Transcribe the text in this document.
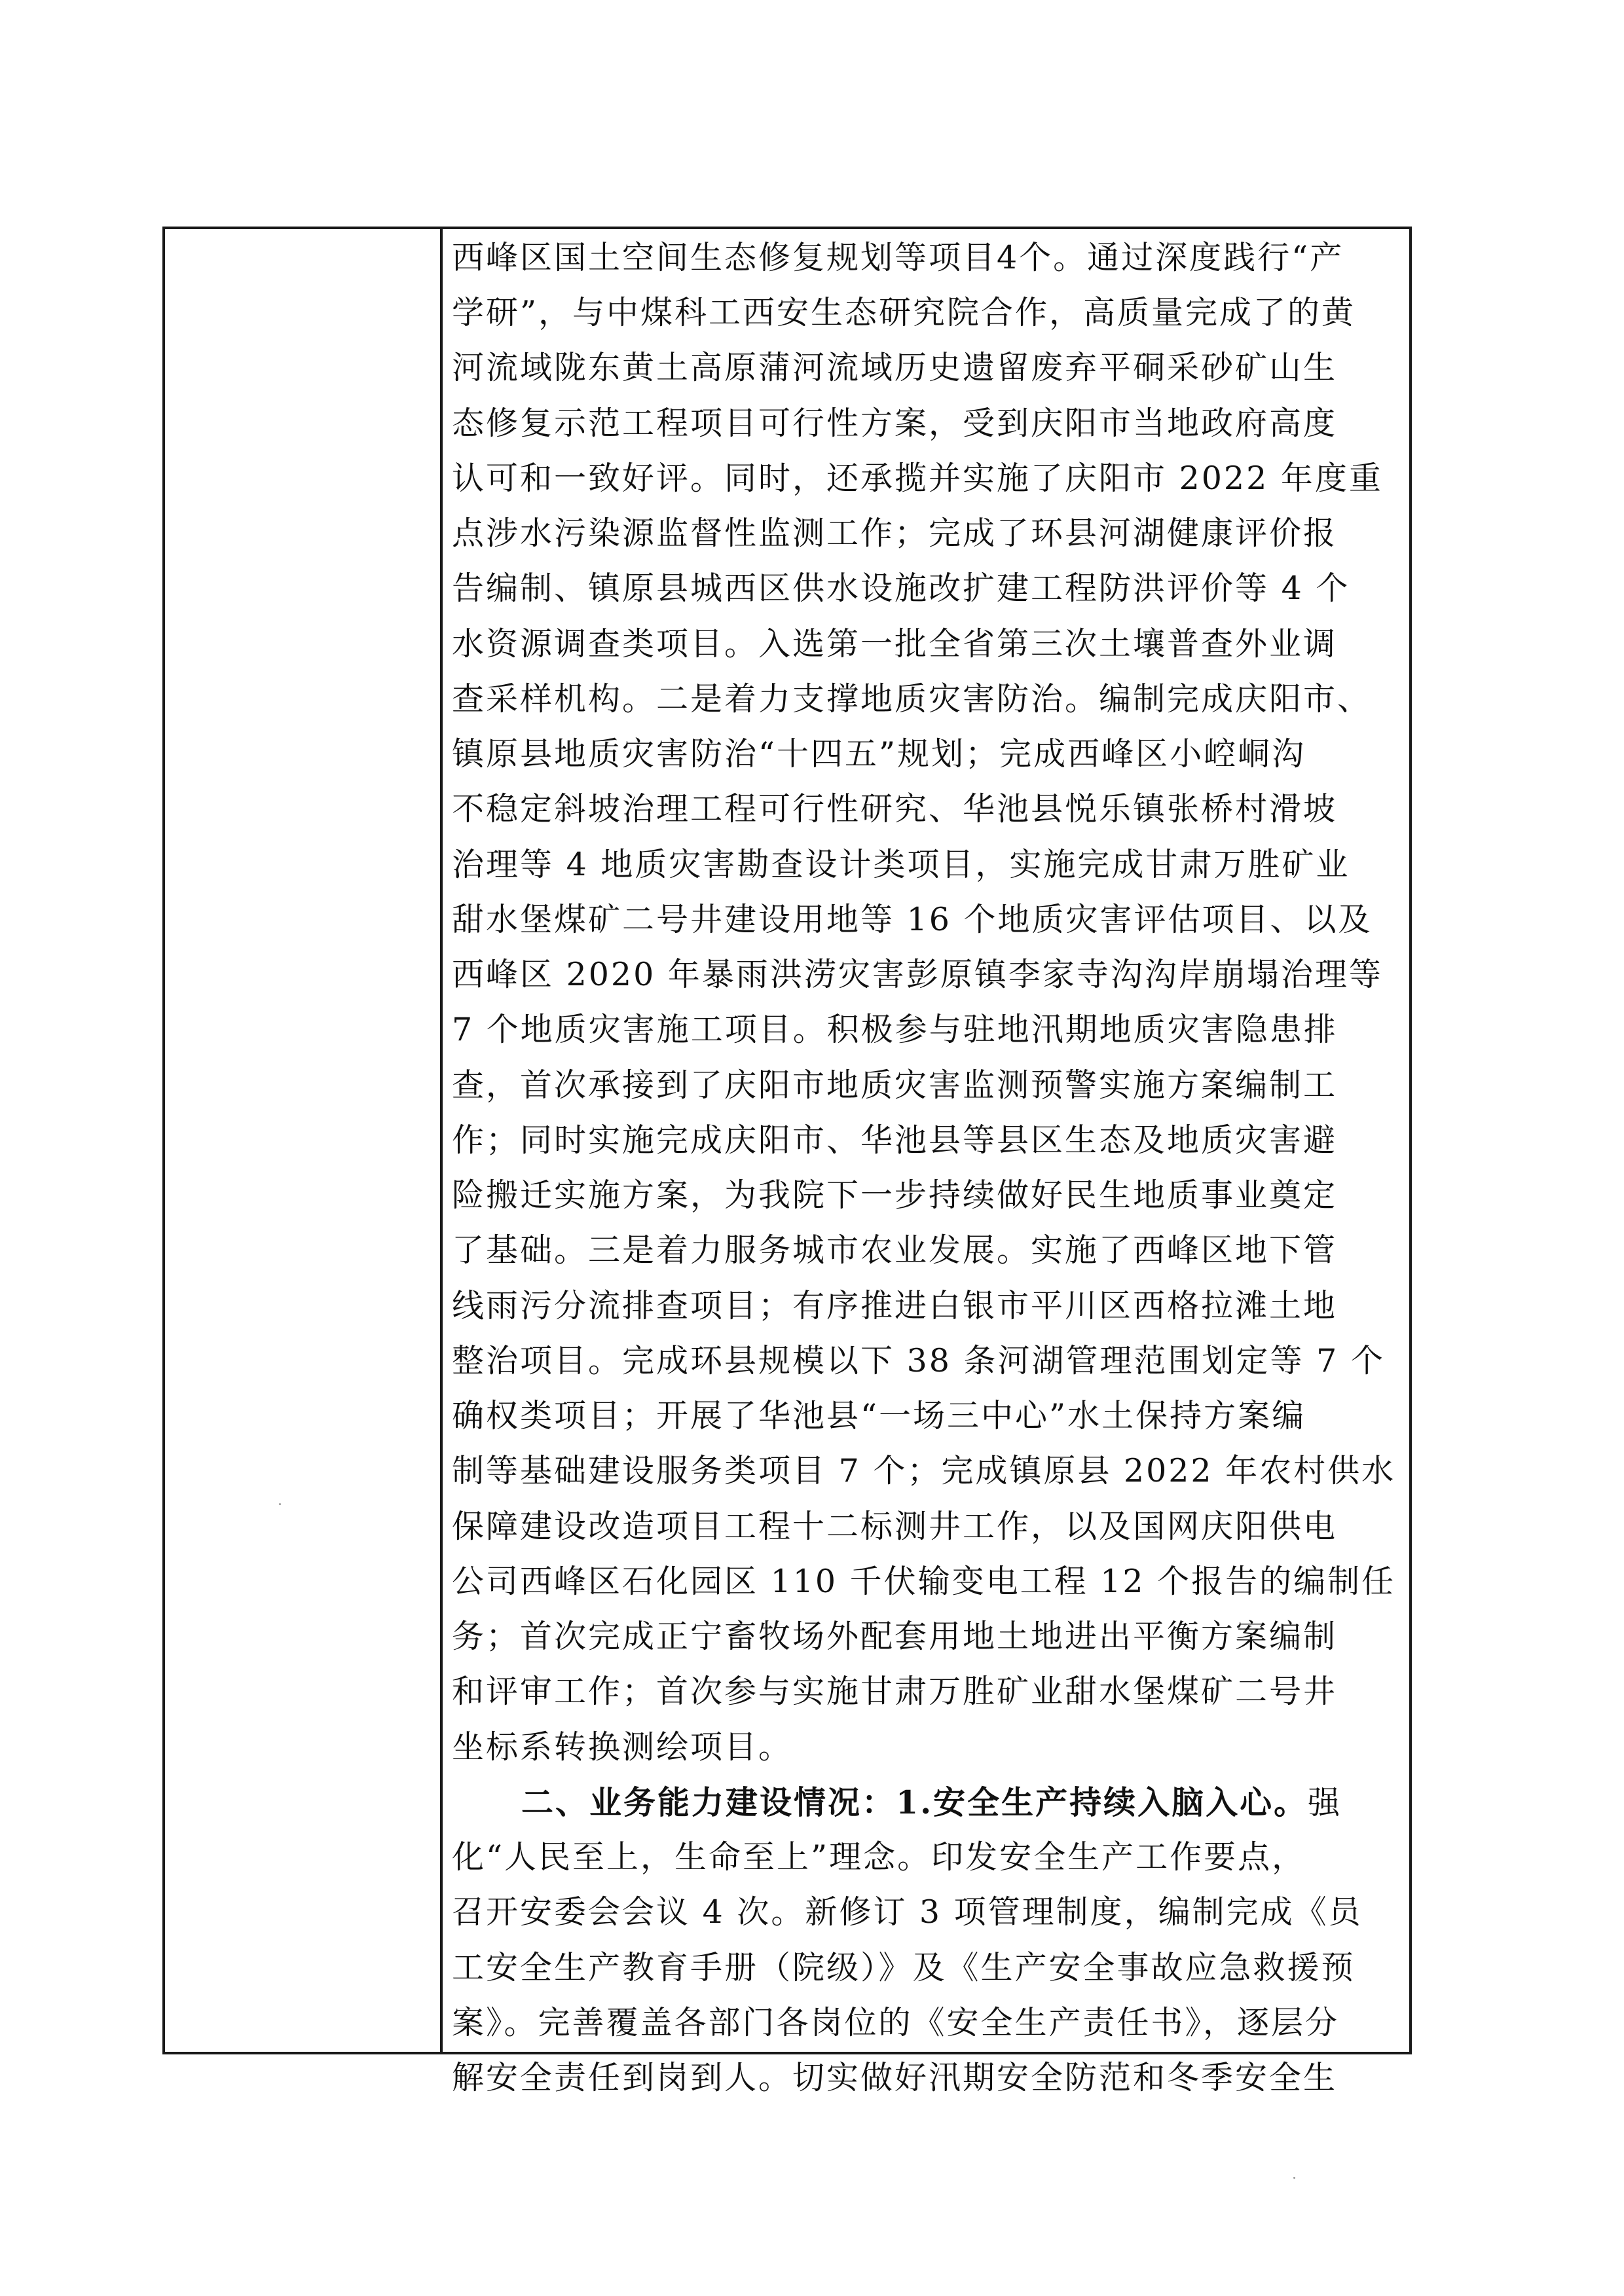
西峰区国土空间生态修复规划等项目4个。通过深度践行“产
学研”，与中煤科工西安生态研究院合作，高质量完成了的黄
河流域陇东黄土高原蒲河流域历史遗留废弃平硐采砂矿山生
态修复示范工程项目可行性方案，受到庆阳市当地政府高度
认可和一致好评。同时，还承揽并实施了庆阳市 2022 年度重
点涉水污染源监督性监测工作；完成了环县河湖健康评价报
告编制、镇原县城西区供水设施改扩建工程防洪评价等 4 个
水资源调查类项目。入选第一批全省第三次土壤普查外业调
查采样机构。二是着力支撑地质灾害防治。编制完成庆阳市、
镇原县地质灾害防治“十四五”规划；完成西峰区小崆峒沟
不稳定斜坡治理工程可行性研究、华池县悦乐镇张桥村滑坡
治理等 4 地质灾害勘查设计类项目，实施完成甘肃万胜矿业
甜水堡煤矿二号井建设用地等 16 个地质灾害评估项目、以及
西峰区 2020 年暴雨洪涝灾害彭原镇李家寺沟沟岸崩塌治理等
7 个地质灾害施工项目。积极参与驻地汛期地质灾害隐患排
查，首次承接到了庆阳市地质灾害监测预警实施方案编制工
作；同时实施完成庆阳市、华池县等县区生态及地质灾害避
险搬迁实施方案，为我院下一步持续做好民生地质事业奠定
了基础。三是着力服务城市农业发展。实施了西峰区地下管
线雨污分流排查项目；有序推进白银市平川区西格拉滩土地
整治项目。完成环县规模以下 38 条河湖管理范围划定等 7 个
确权类项目；开展了华池县“一场三中心”水土保持方案编
制等基础建设服务类项目 7 个；完成镇原县 2022 年农村供水
保障建设改造项目工程十二标测井工作，以及国网庆阳供电
公司西峰区石化园区 110 千伏输变电工程 12 个报告的编制任
务；首次完成正宁畜牧场外配套用地土地进出平衡方案编制
和评审工作；首次参与实施甘肃万胜矿业甜水堡煤矿二号井
坐标系转换测绘项目。
二、业务能力建设情况：1.安全生产持续入脑入心。强
化“人民至上，生命至上”理念。印发安全生产工作要点，
召开安委会会议 4 次。新修订 3 项管理制度，编制完成《员
工安全生产教育手册（院级）》及《生产安全事故应急救援预
案》。完善覆盖各部门各岗位的《安全生产责任书》，逐层分
解安全责任到岗到人。切实做好汛期安全防范和冬季安全生
